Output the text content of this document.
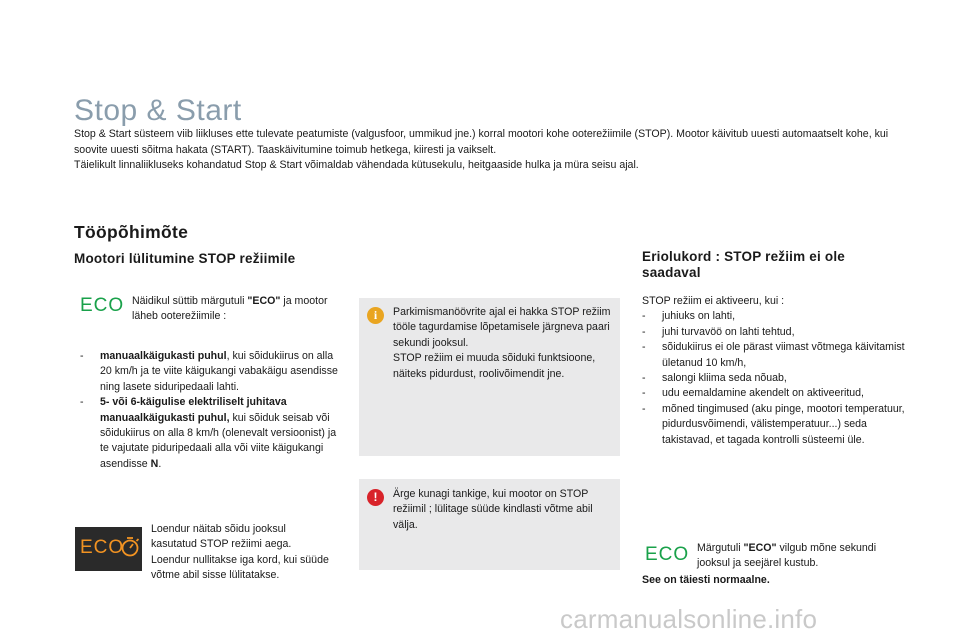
Stop & Start

Stop & Start süsteem viib liikluses ette tulevate peatumiste (valgusfoor, ummikud jne.) korral mootori kohe ooterežiimile (STOP). Mootor käivitub uuesti automaatselt kohe, kui soovite uuesti sõitma hakata (START). Taaskäivitumine toimub hetkega, kiiresti ja vaikselt.

Täielikult linnaliikluseks kohandatud Stop & Start võimaldab vähendada kütusekulu, heitgaaside hulka ja müra seisu ajal.

Tööpõhimõte
Mootori lülitumine STOP režiimile	Eriolukord : STOP režiim ei ole saadaval
ECO Näidikul süttib märgutuli "ECO" ja mootor läheb ooterežiimile :
- manuaalkäigukasti puhul, kui sõidukiirus on alla 20 km/h ja te viite käigukangi vabakäigu asendisse ning lasete siduripedaali lahti.
- 5- või 6-käigulise elektriliselt juhitava manuaalkäigukasti puhul, kui sõiduk seisab või sõidukiirus on alla 8 km/h (olenevalt versioonist) ja te vajutate piduripedaali alla või viite käigukangi asendisse N.
ECO
Loendur näitab sõidu jooksul kasutatud STOP režiimi aega. Loendur nullitakse iga kord, kui süüde võtme abil sisse lülitatakse.
i	Parkimismanöövrite ajal ei hakka STOP režiim tööle tagurdamise lõpetamisele järgneva paari sekundi jooksul.
STOP režiim ei muuda sõiduki funktsioone, näiteks pidurdust, roolivõimendit jne.
!	Ärge kunagi tankige, kui mootor on STOP režiimil ; lülitage süüde kindlasti võtme abil välja.
STOP režiim ei aktiveeru, kui :
- juhiuks on lahti,
- juhi turvavöö on lahti tehtud,
- sõidukiirus ei ole pärast viimast võtmega käivitamist ületanud 10 km/h,
- salongi kliima seda nõuab,
- udu eemaldamine akendelt on aktiveeritud,
- mõned tingimused (aku pinge, mootori temperatuur, pidurdusvõimendi, välistemperatuur...) seda takistavad, et tagada kontrolli süsteemi üle.
ECO Märgutuli "ECO" vilgub mõne sekundi jooksul ja seejärel kustub.
See on täiesti normaalne.
carmanualsonline.info
